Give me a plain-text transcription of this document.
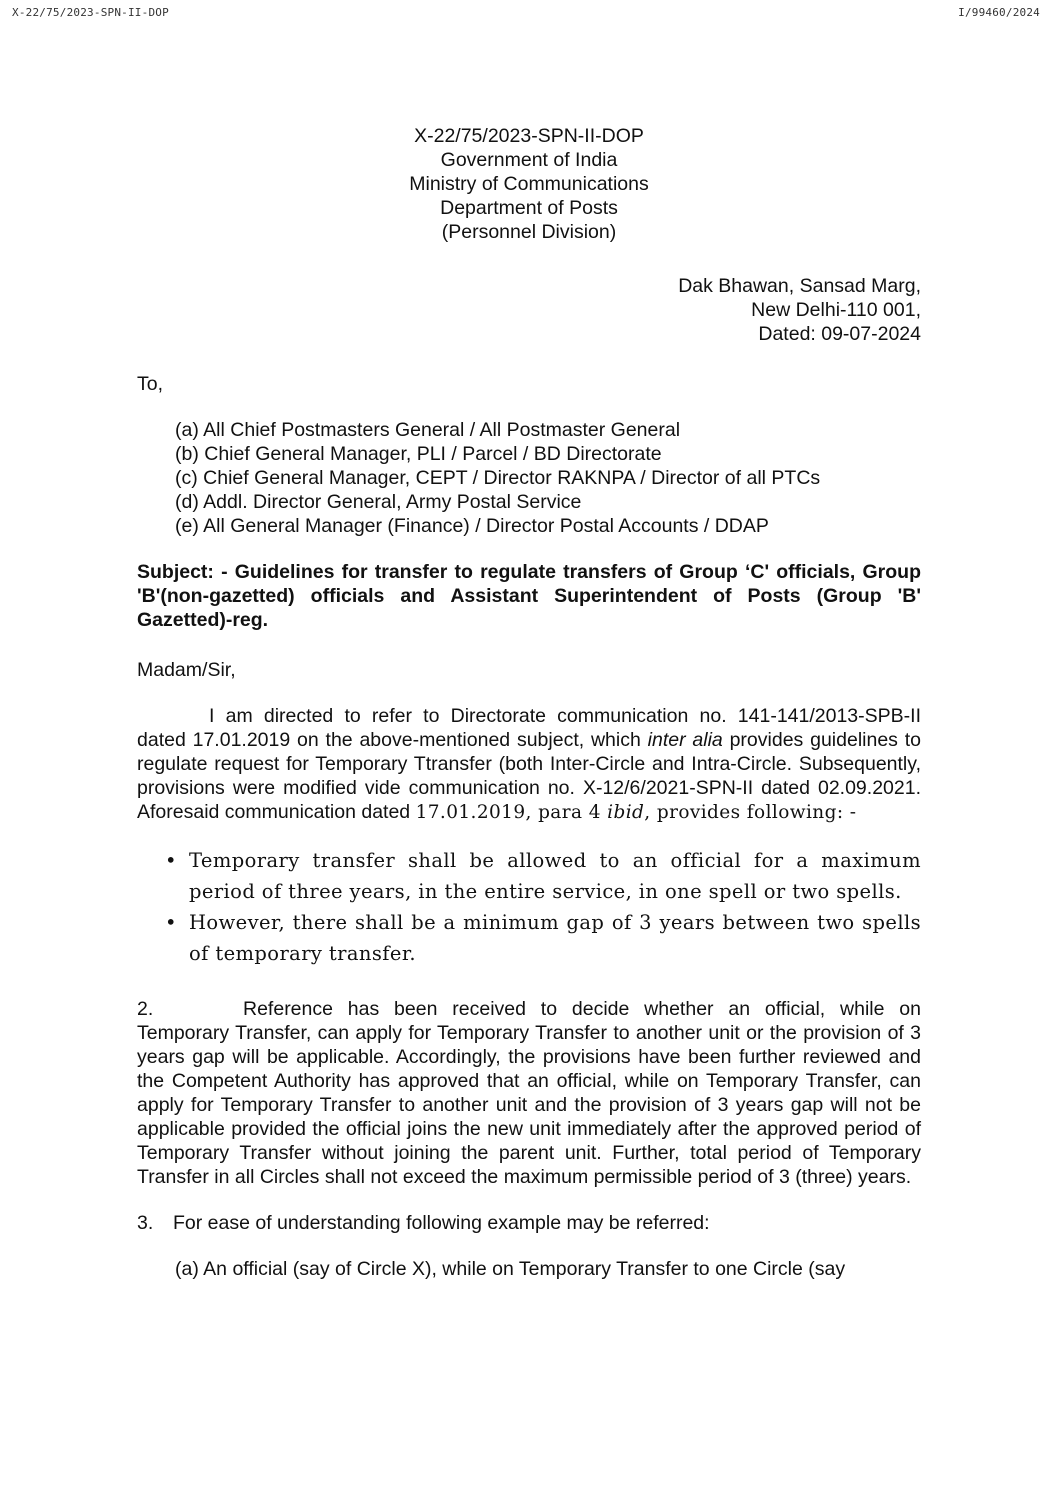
X-22/75/2023-SPN-II-DOP	I/99460/2024
X-22/75/2023-SPN-II-DOP
Government of India
Ministry of Communications
Department of Posts
(Personnel Division)
Dak Bhawan, Sansad Marg,
New Delhi-110 001,
Dated: 09-07-2024
To,
(a) All Chief Postmasters General / All Postmaster General
(b) Chief General Manager, PLI / Parcel / BD Directorate
(c) Chief General Manager, CEPT / Director RAKNPA / Director of all PTCs
(d) Addl. Director General, Army Postal Service
(e) All General Manager (Finance) / Director Postal Accounts / DDAP
Subject: - Guidelines for transfer to regulate transfers of Group ‘C' officials, Group 'B'(non-gazetted) officials and Assistant Superintendent of Posts (Group 'B' Gazetted)-reg.
Madam/Sir,
I am directed to refer to Directorate communication no. 141-141/2013-SPB-II dated 17.01.2019 on the above-mentioned subject, which inter alia provides guidelines to regulate request for Temporary Ttransfer (both Inter-Circle and Intra-Circle. Subsequently, provisions were modified vide communication no. X-12/6/2021-SPN-II dated 02.09.2021. Aforesaid communication dated 17.01.2019, para 4 ibid, provides following: -
• Temporary transfer shall be allowed to an official for a maximum period of three years, in the entire service, in one spell or two spells.
• However, there shall be a minimum gap of 3 years between two spells of temporary transfer.
2.	Reference has been received to decide whether an official, while on Temporary Transfer, can apply for Temporary Transfer to another unit or the provision of 3 years gap will be applicable. Accordingly, the provisions have been further reviewed and the Competent Authority has approved that an official, while on Temporary Transfer, can apply for Temporary Transfer to another unit and the provision of 3 years gap will not be applicable provided the official joins the new unit immediately after the approved period of Temporary Transfer without joining the parent unit. Further, total period of Temporary Transfer in all Circles shall not exceed the maximum permissible period of 3 (three) years.
3. For ease of understanding following example may be referred:
(a) An official (say of Circle X), while on Temporary Transfer to one Circle (say
